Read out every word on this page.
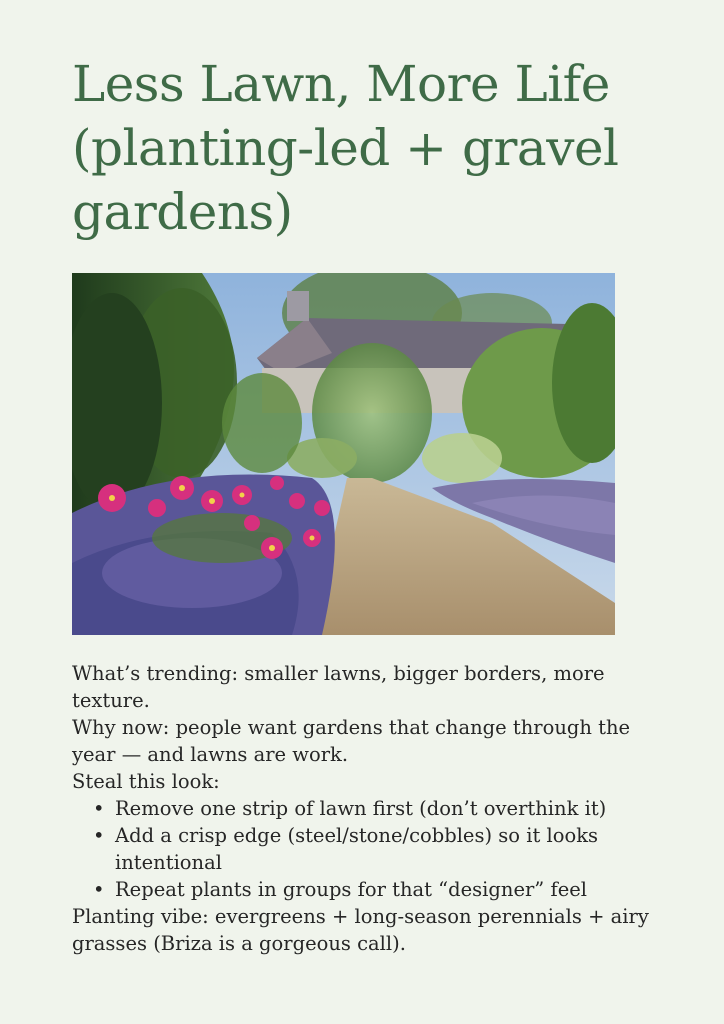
Less Lawn, More Life (planting-led + gravel gardens)

What’s trending: smaller lawns, bigger borders, more texture.

Why now: people want gardens that change through the year — and lawns are work.

Steal this look:

• Remove one strip of lawn first (don’t overthink it)
• Add a crisp edge (steel/stone/cobbles) so it looks intentional
• Repeat plants in groups for that “designer” feel

Planting vibe: evergreens + long-season perennials + airy grasses (Briza is a gorgeous call).
